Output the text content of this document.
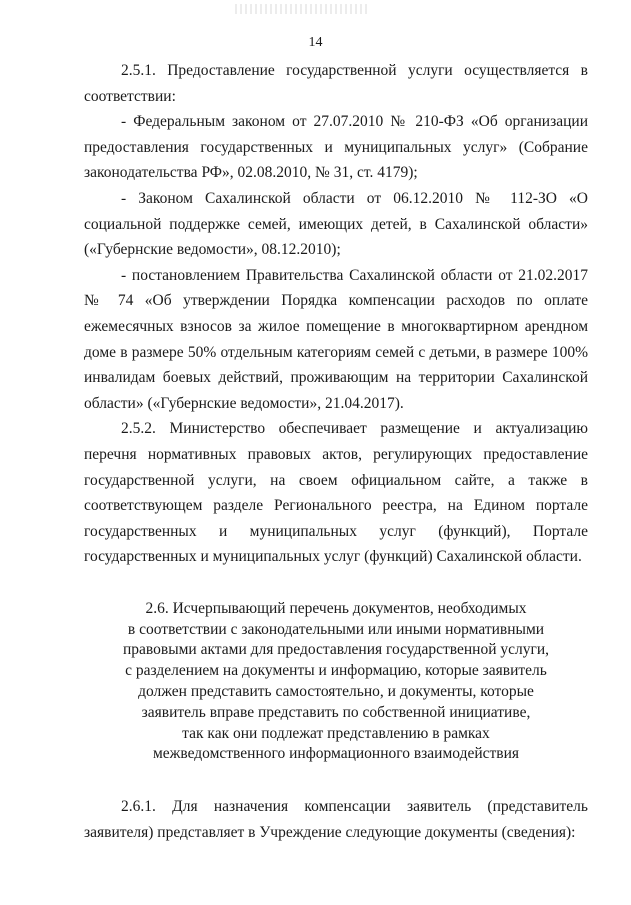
14

2.5.1. Предоставление государственной услуги осуществляется в соответствии:

- Федеральным законом от 27.07.2010 № 210-ФЗ «Об организации предоставления государственных и муниципальных услуг» (Собрание законодательства РФ», 02.08.2010, № 31, ст. 4179);

- Законом Сахалинской области от 06.12.2010 № 112-ЗО «О социальной поддержке семей, имеющих детей, в Сахалинской области» («Губернские ведомости», 08.12.2010);

- постановлением Правительства Сахалинской области от 21.02.2017 № 74 «Об утверждении Порядка компенсации расходов по оплате ежемесячных взносов за жилое помещение в многоквартирном арендном доме в размере 50% отдельным категориям семей с детьми, в размере 100% инвалидам боевых действий, проживающим на территории Сахалинской области» («Губернские ведомости», 21.04.2017).

2.5.2. Министерство обеспечивает размещение и актуализацию перечня нормативных правовых актов, регулирующих предоставление государственной услуги, на своем официальном сайте, а также в соответствующем разделе Регионального реестра, на Едином портале государственных и муниципальных услуг (функций), Портале государственных и муниципальных услуг (функций) Сахалинской области.

2.6. Исчерпывающий перечень документов, необходимых
в соответствии с законодательными или иными нормативными
правовыми актами для предоставления государственной услуги,
с разделением на документы и информацию, которые заявитель
должен представить самостоятельно, и документы, которые
заявитель вправе представить по собственной инициативе,
так как они подлежат представлению в рамках
межведомственного информационного взаимодействия

2.6.1. Для назначения компенсации заявитель (представитель заявителя) представляет в Учреждение следующие документы (сведения):
